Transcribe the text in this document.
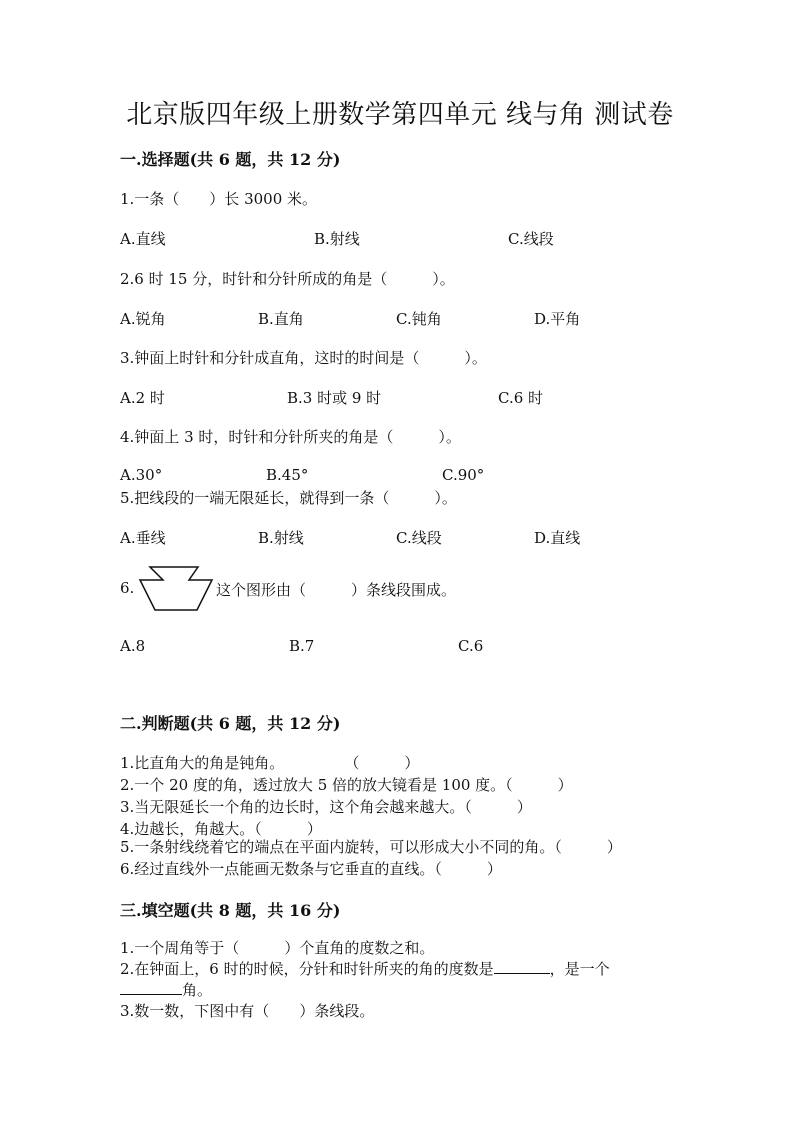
北京版四年级上册数学第四单元 线与角 测试卷
一.选择题(共 6 题，共 12 分)
1.一条（　　）长 3000 米。
A.直线	B.射线	C.线段
2.6 时 15 分，时针和分针所成的角是（　　　）。
A.锐角	B.直角	C.钝角	D.平角
3.钟面上时针和分针成直角，这时的时间是（　　　）。
A.2 时	B.3 时或 9 时	C.6 时
4.钟面上 3 时，时针和分针所夹的角是（　　　）。
A.30°	B.45°	C.90°
5.把线段的一端无限延长，就得到一条（　　　）。
A.垂线	B.射线	C.线段	D.直线
6.	这个图形由（　　　）条线段围成。
A.8	B.7	C.6
二.判断题(共 6 题，共 12 分)
1.比直角大的角是钝角。　　　　　（　　　）
2.一个 20 度的角，透过放大 5 倍的放大镜看是 100 度。（　　　）
3.当无限延长一个角的边长时，这个角会越来越大。（　　　）
4.边越长，角越大。（　　　）
5.一条射线绕着它的端点在平面内旋转，可以形成大小不同的角。（　　　）
6.经过直线外一点能画无数条与它垂直的直线。（　　　）
三.填空题(共 8 题，共 16 分)
1.一个周角等于（　　　）个直角的度数之和。
2.在钟面上，6 时的时候，分针和时针所夹的角的度数是	，是一个
角。
3.数一数，下图中有（　　）条线段。
